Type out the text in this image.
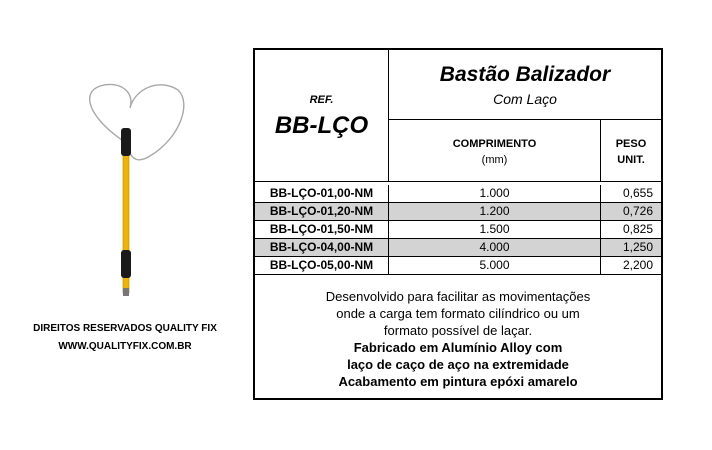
DIREITOS RESERVADOS QUALITY FIX
WWW.QUALITYFIX.COM.BR
REF.
BB-LÇO
Bastão Balizador
Com Laço
COMPRIMENTO
(mm)
PESO
UNIT.
BB-LÇO-01,00-NM	1.000	0,655
BB-LÇO-01,20-NM	1.200	0,726
BB-LÇO-01,50-NM	1.500	0,825
BB-LÇO-04,00-NM	4.000	1,250
BB-LÇO-05,00-NM	5.000	2,200
Desenvolvido para facilitar as movimentações
onde a carga tem formato cilíndrico ou um
formato possível de laçar.
Fabricado em Alumínio Alloy com
laço de caço de aço na extremidade
Acabamento em pintura epóxi amarelo
